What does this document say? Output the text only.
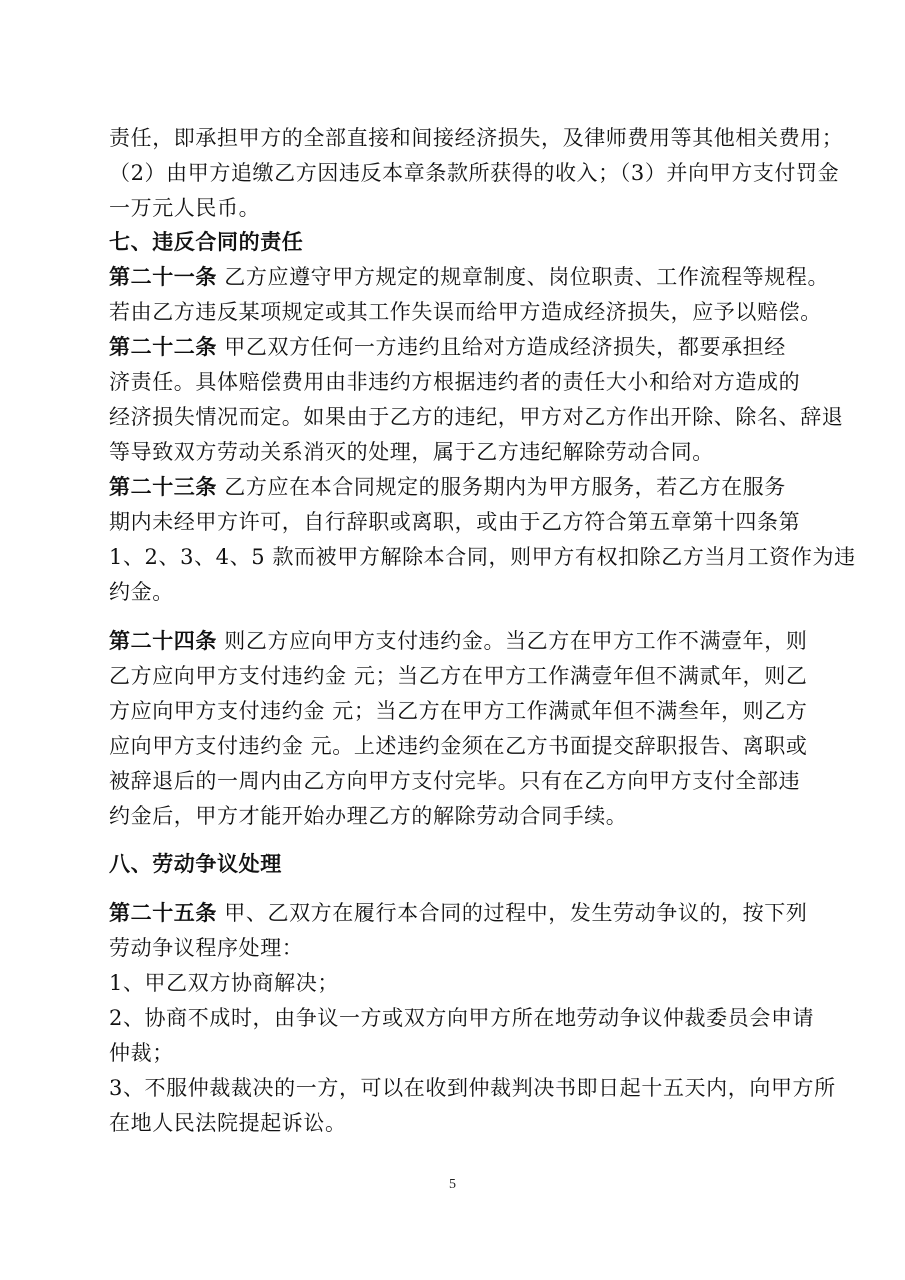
责任，即承担甲方的全部直接和间接经济损失，及律师费用等其他相关费用；
（2）由甲方追缴乙方因违反本章条款所获得的收入；（3）并向甲方支付罚金
一万元人民币。
七、违反合同的责任
第二十一条 乙方应遵守甲方规定的规章制度、岗位职责、工作流程等规程。
若由乙方违反某项规定或其工作失误而给甲方造成经济损失，应予以赔偿。
第二十二条 甲乙双方任何一方违约且给对方造成经济损失，都要承担经
济责任。具体赔偿费用由非违约方根据违约者的责任大小和给对方造成的
经济损失情况而定。如果由于乙方的违纪，甲方对乙方作出开除、除名、辞退
等导致双方劳动关系消灭的处理，属于乙方违纪解除劳动合同。
第二十三条 乙方应在本合同规定的服务期内为甲方服务，若乙方在服务
期内未经甲方许可，自行辞职或离职，或由于乙方符合第五章第十四条第
1、2、3、4、5 款而被甲方解除本合同，则甲方有权扣除乙方当月工资作为违
约金。
第二十四条 则乙方应向甲方支付违约金。当乙方在甲方工作不满壹年，则
乙方应向甲方支付违约金 元；当乙方在甲方工作满壹年但不满贰年，则乙
方应向甲方支付违约金 元；当乙方在甲方工作满贰年但不满叁年，则乙方
应向甲方支付违约金 元。上述违约金须在乙方书面提交辞职报告、离职或
被辞退后的一周内由乙方向甲方支付完毕。只有在乙方向甲方支付全部违
约金后，甲方才能开始办理乙方的解除劳动合同手续。
八、劳动争议处理
第二十五条 甲、乙双方在履行本合同的过程中，发生劳动争议的，按下列
劳动争议程序处理：
1、甲乙双方协商解决；
2、协商不成时，由争议一方或双方向甲方所在地劳动争议仲裁委员会申请
仲裁；
3、不服仲裁裁决的一方，可以在收到仲裁判决书即日起十五天内，向甲方所
在地人民法院提起诉讼。
5
